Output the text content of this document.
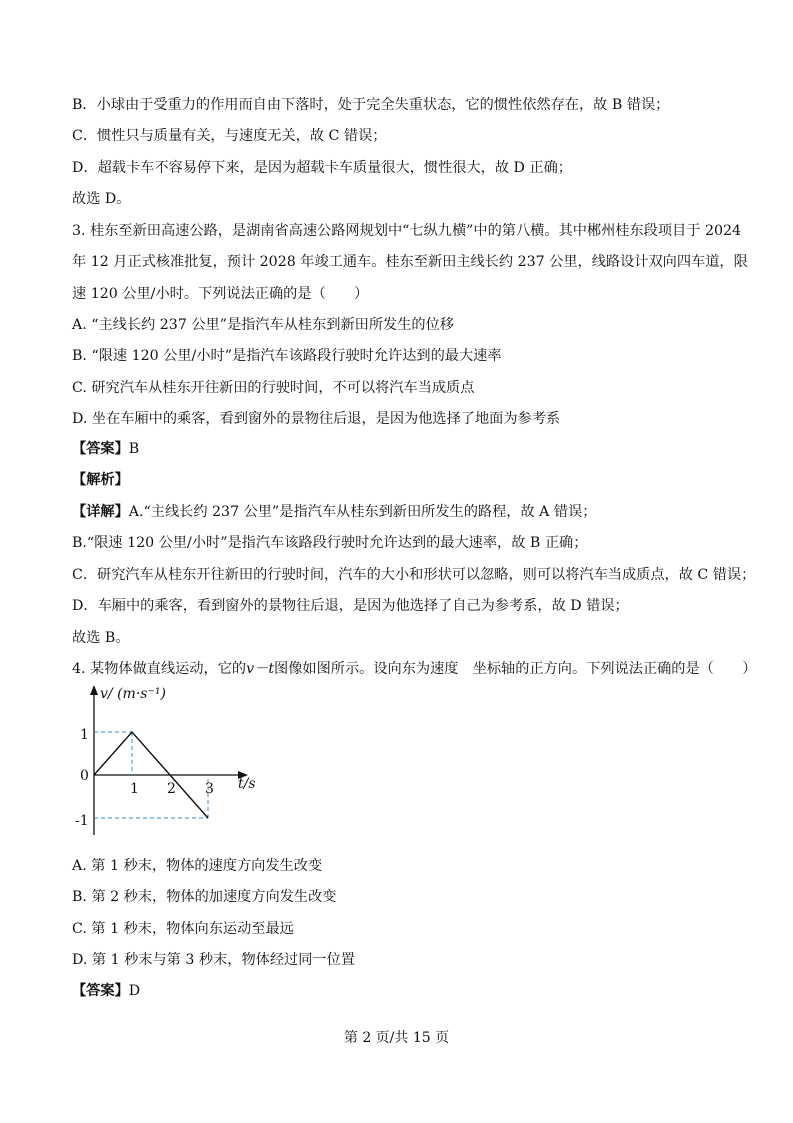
B．小球由于受重力的作用而自由下落时，处于完全失重状态，它的惯性依然存在，故 B 错误；
C．惯性只与质量有关，与速度无关，故 C 错误；
D．超载卡车不容易停下来，是因为超载卡车质量很大，惯性很大，故 D 正确；
故选 D。
3. 桂东至新田高速公路，是湖南省高速公路网规划中“七纵九横”中的第八横。其中郴州桂东段项目于 2024
年 12 月正式核准批复，预计 2028 年竣工通车。桂东至新田主线长约 237 公里，线路设计双向四车道，限
速 120 公里/小时。下列说法正确的是（　　）
A. “主线长约 237 公里”是指汽车从桂东到新田所发生的位移
B. “限速 120 公里/小时”是指汽车该路段行驶时允许达到的最大速率
C. 研究汽车从桂东开往新田的行驶时间，不可以将汽车当成质点
D. 坐在车厢中的乘客，看到窗外的景物往后退，是因为他选择了地面为参考系
【答案】B
【解析】
【详解】A.“主线长约 237 公里”是指汽车从桂东到新田所发生的路程，故 A 错误；
B.“限速 120 公里/小时”是指汽车该路段行驶时允许达到的最大速率，故 B 正确；
C．研究汽车从桂东开往新田的行驶时间，汽车的大小和形状可以忽略，则可以将汽车当成质点，故 C 错误；
D．车厢中的乘客，看到窗外的景物往后退，是因为他选择了自己为参考系，故 D 错误；
故选 B。
4. 某物体做直线运动，它的v－t图像如图所示。设向东为速度　坐标轴的正方向。下列说法正确的是（　　）
v/ (m·s⁻¹)
t/s
1
0
-1
1 2 3
A. 第 1 秒末，物体的速度方向发生改变
B. 第 2 秒末，物体的加速度方向发生改变
C. 第 1 秒末，物体向东运动至最远
D. 第 1 秒末与第 3 秒末，物体经过同一位置
【答案】D
第 2 页/共 15 页
